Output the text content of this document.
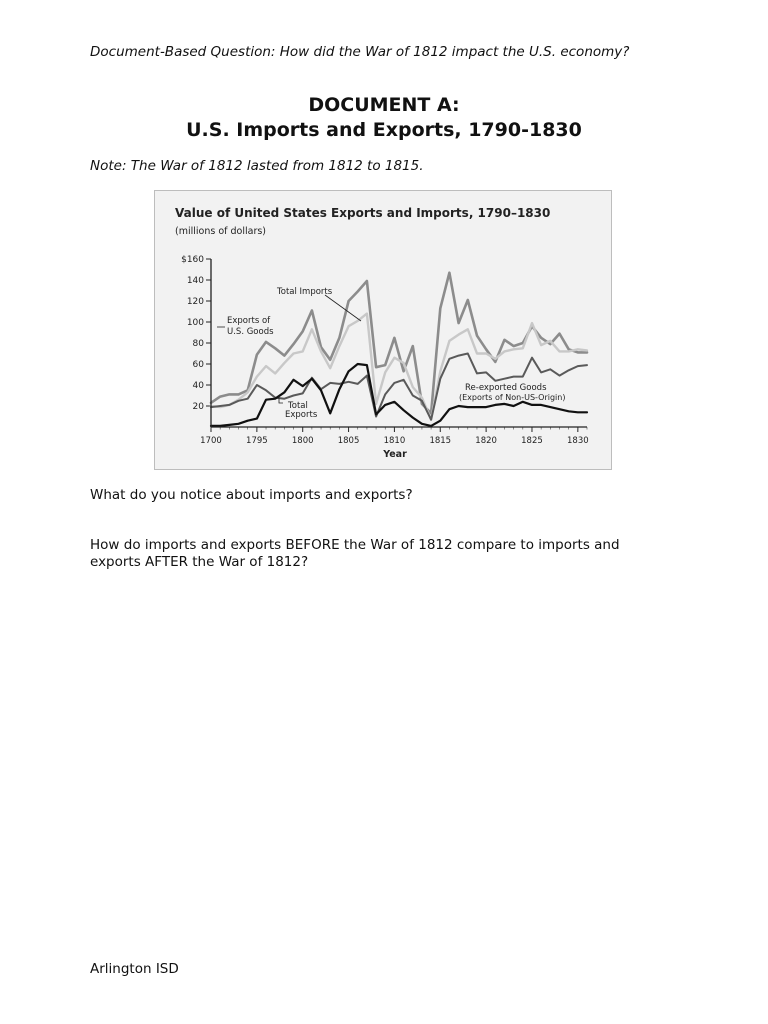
Document-Based Question: How did the War of 1812 impact the U.S. economy?
DOCUMENT A:
U.S. Imports and Exports, 1790-1830
Note: The War of 1812 lasted from 1812 to 1815.
Value of United States Exports and Imports, 1790–1830
(millions of dollars)
Year
20
40
60
80
100
120
140
$160
1700	1795	1800	1805	1810	1815	1820	1825	1830
Total Imports
Exports of
U.S. Goods
Re-exported Goods
(Exports of Non-US-Origin)
Total
Exports
What do you notice about imports and exports?
How do imports and exports BEFORE the War of 1812 compare to imports and exports AFTER the War of 1812?
Arlington ISD
